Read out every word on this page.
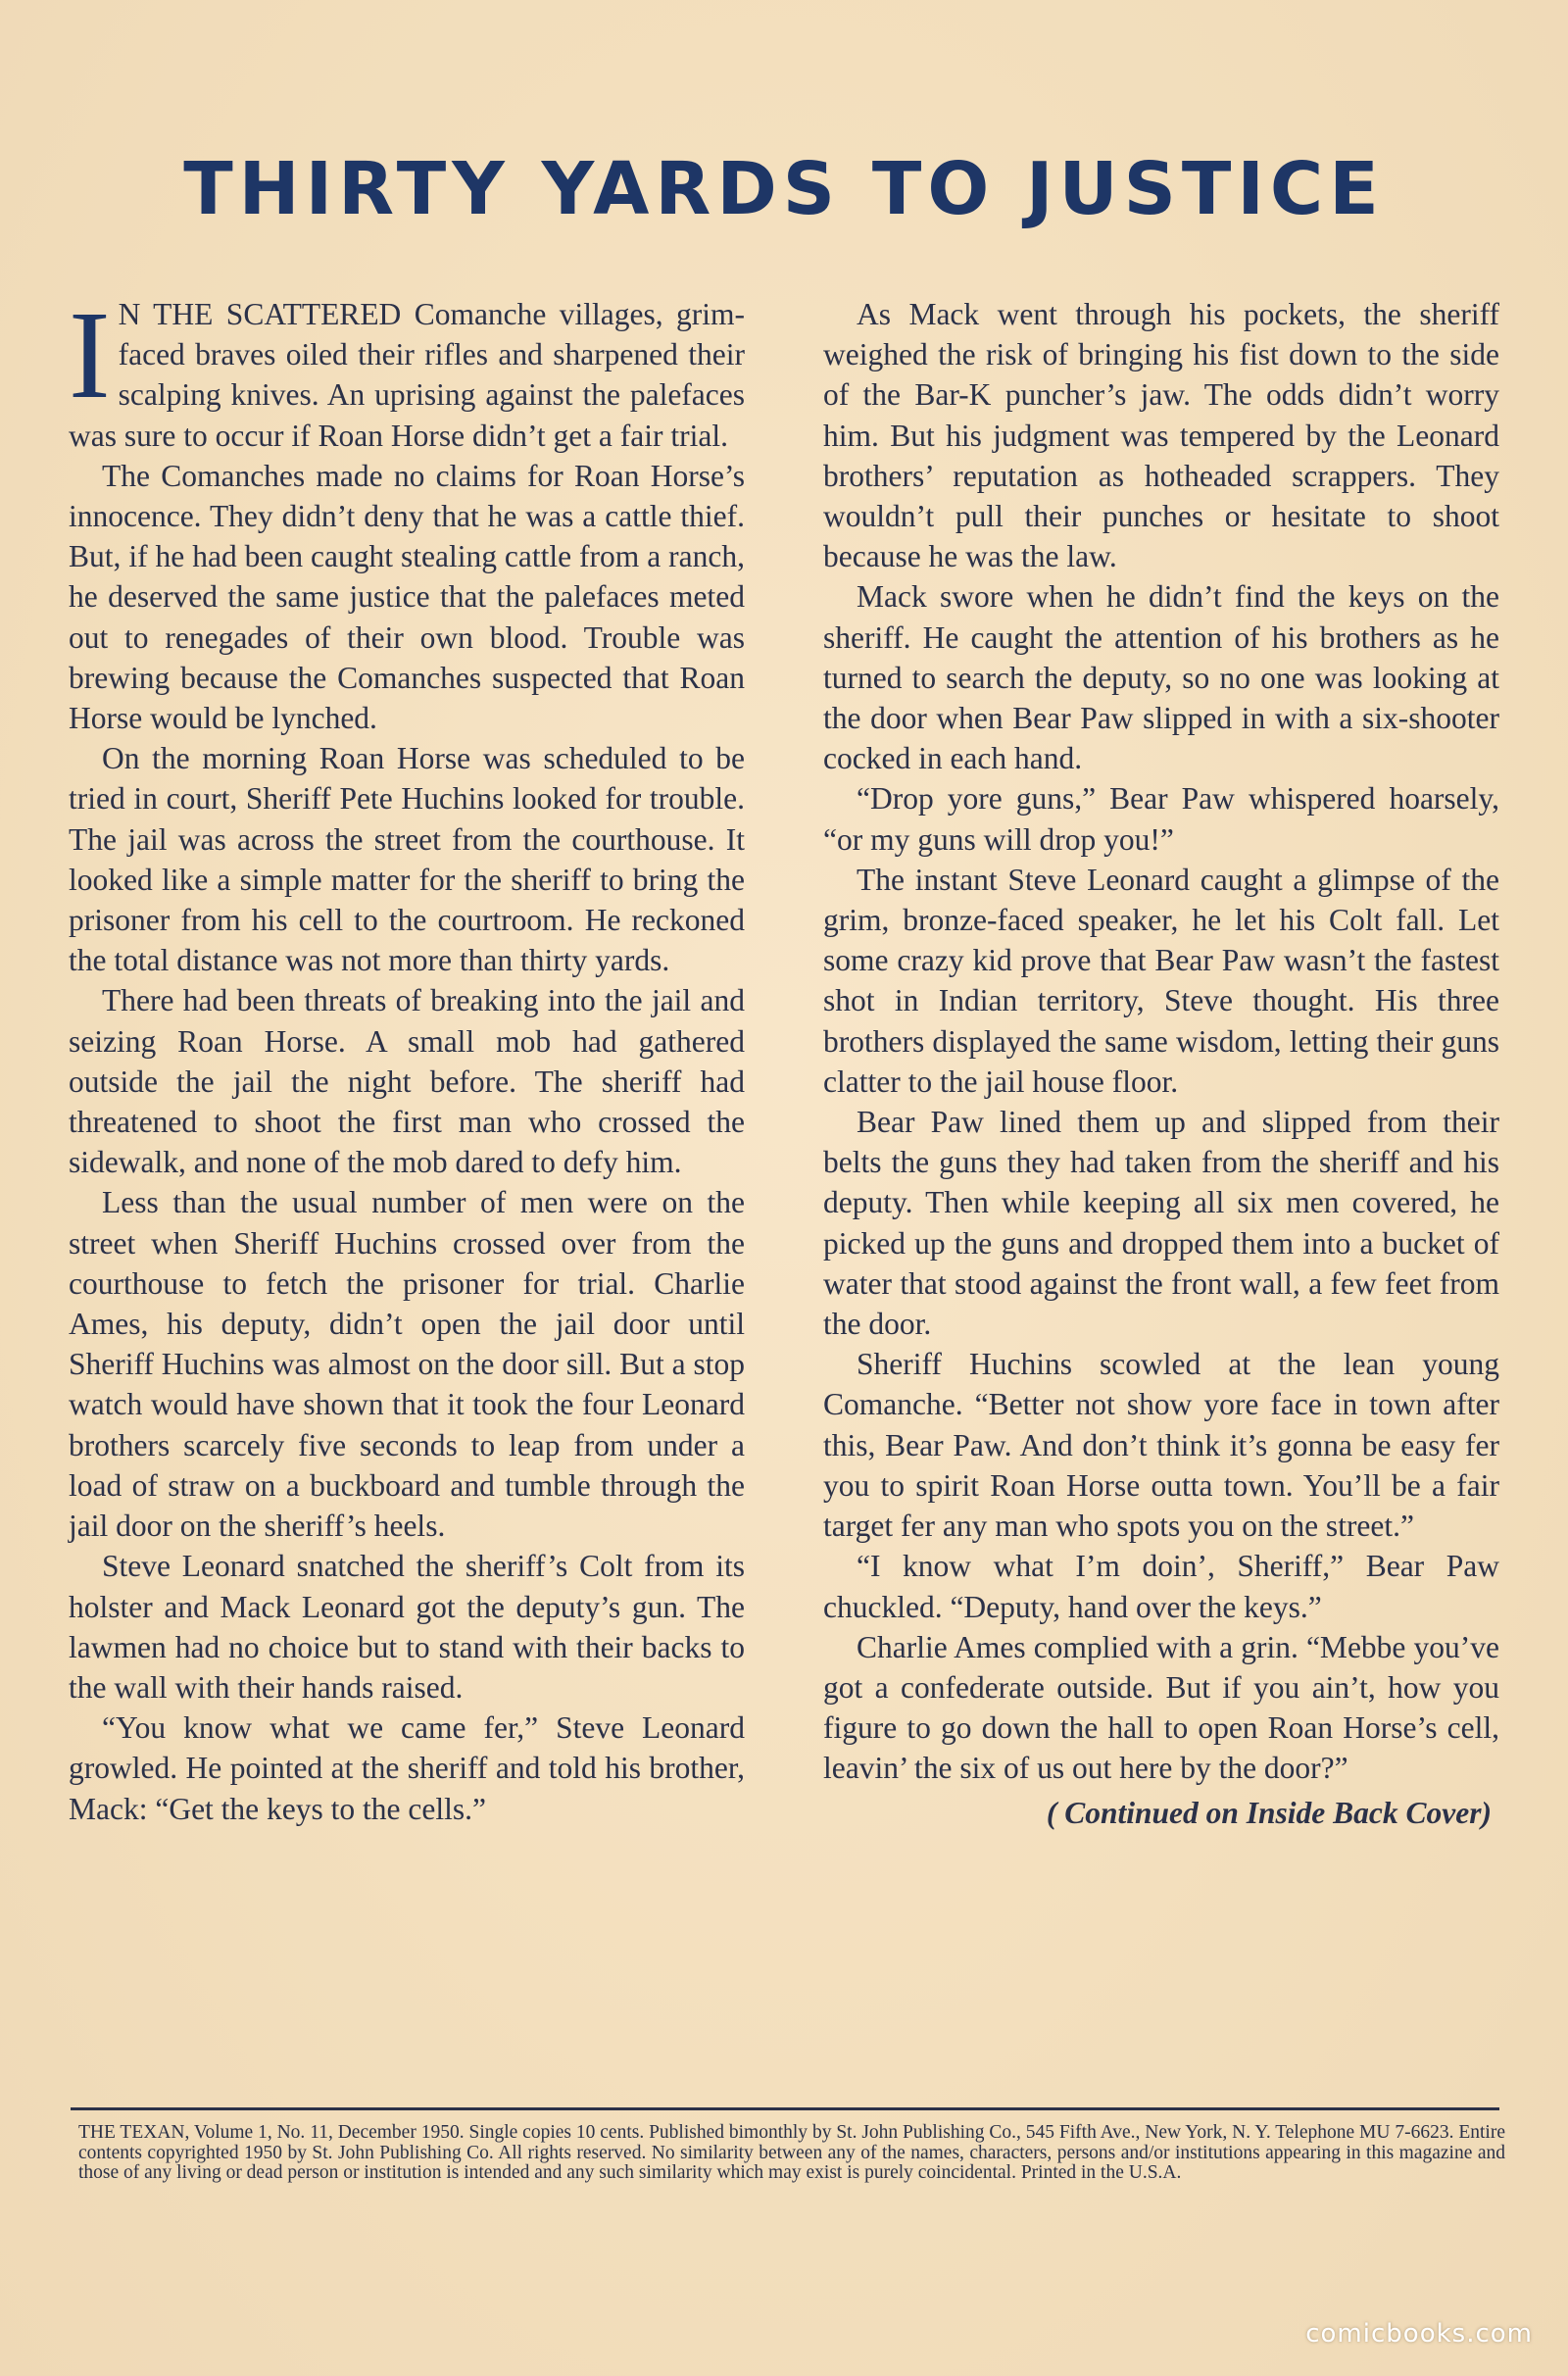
THIRTY YARDS TO JUSTICE

I N THE SCATTERED Comanche villages, grim-faced braves oiled their rifles and sharpened their scalping knives. An uprising against the palefaces was sure to occur if Roan Horse didn’t get a fair trial.

The Comanches made no claims for Roan Horse’s innocence. They didn’t deny that he was a cattle thief. But, if he had been caught stealing cattle from a ranch, he deserved the same justice that the palefaces meted out to renegades of their own blood. Trouble was brewing because the Comanches suspected that Roan Horse would be lynched.

On the morning Roan Horse was scheduled to be tried in court, Sheriff Pete Huchins looked for trouble. The jail was across the street from the courthouse. It looked like a simple matter for the sheriff to bring the prisoner from his cell to the courtroom. He reckoned the total distance was not more than thirty yards.

There had been threats of breaking into the jail and seizing Roan Horse. A small mob had gathered outside the jail the night before. The sheriff had threatened to shoot the first man who crossed the sidewalk, and none of the mob dared to defy him.

Less than the usual number of men were on the street when Sheriff Huchins crossed over from the courthouse to fetch the prisoner for trial. Charlie Ames, his deputy, didn’t open the jail door until Sheriff Huchins was almost on the door sill. But a stop watch would have shown that it took the four Leonard brothers scarcely five seconds to leap from under a load of straw on a buckboard and tumble through the jail door on the sheriff’s heels.

Steve Leonard snatched the sheriff’s Colt from its holster and Mack Leonard got the deputy’s gun. The lawmen had no choice but to stand with their backs to the wall with their hands raised.

“You know what we came fer,” Steve Leonard growled. He pointed at the sheriff and told his brother, Mack: “Get the keys to the cells.”

As Mack went through his pockets, the sheriff weighed the risk of bringing his fist down to the side of the Bar-K puncher’s jaw. The odds didn’t worry him. But his judgment was tempered by the Leonard brothers’ reputation as hotheaded scrappers. They wouldn’t pull their punches or hesitate to shoot because he was the law.

Mack swore when he didn’t find the keys on the sheriff. He caught the attention of his brothers as he turned to search the deputy, so no one was looking at the door when Bear Paw slipped in with a six-shooter cocked in each hand.

“Drop yore guns,” Bear Paw whispered hoarsely, “or my guns will drop you!”

The instant Steve Leonard caught a glimpse of the grim, bronze-faced speaker, he let his Colt fall. Let some crazy kid prove that Bear Paw wasn’t the fastest shot in Indian territory, Steve thought. His three brothers displayed the same wisdom, letting their guns clatter to the jail house floor.

Bear Paw lined them up and slipped from their belts the guns they had taken from the sheriff and his deputy. Then while keeping all six men covered, he picked up the guns and dropped them into a bucket of water that stood against the front wall, a few feet from the door.

Sheriff Huchins scowled at the lean young Comanche. “Better not show yore face in town after this, Bear Paw. And don’t think it’s gonna be easy fer you to spirit Roan Horse outta town. You’ll be a fair target fer any man who spots you on the street.”

“I know what I’m doin’, Sheriff,” Bear Paw chuckled. “Deputy, hand over the keys.”

Charlie Ames complied with a grin. “Mebbe you’ve got a confederate outside. But if you ain’t, how you figure to go down the hall to open Roan Horse’s cell, leavin’ the six of us out here by the door?”

( Continued on Inside Back Cover)
THE TEXAN, Volume 1, No. 11, December 1950. Single copies 10 cents. Published bimonthly by St. John Publishing Co., 545 Fifth Ave., New York, N. Y. Telephone MU 7-6623. Entire contents copyrighted 1950 by St. John Publishing Co. All rights reserved. No similarity between any of the names, characters, persons and/or institutions appearing in this magazine and those of any living or dead person or institution is intended and any such similarity which may exist is purely coincidental. Printed in the U.S.A.
comicbooks.com
